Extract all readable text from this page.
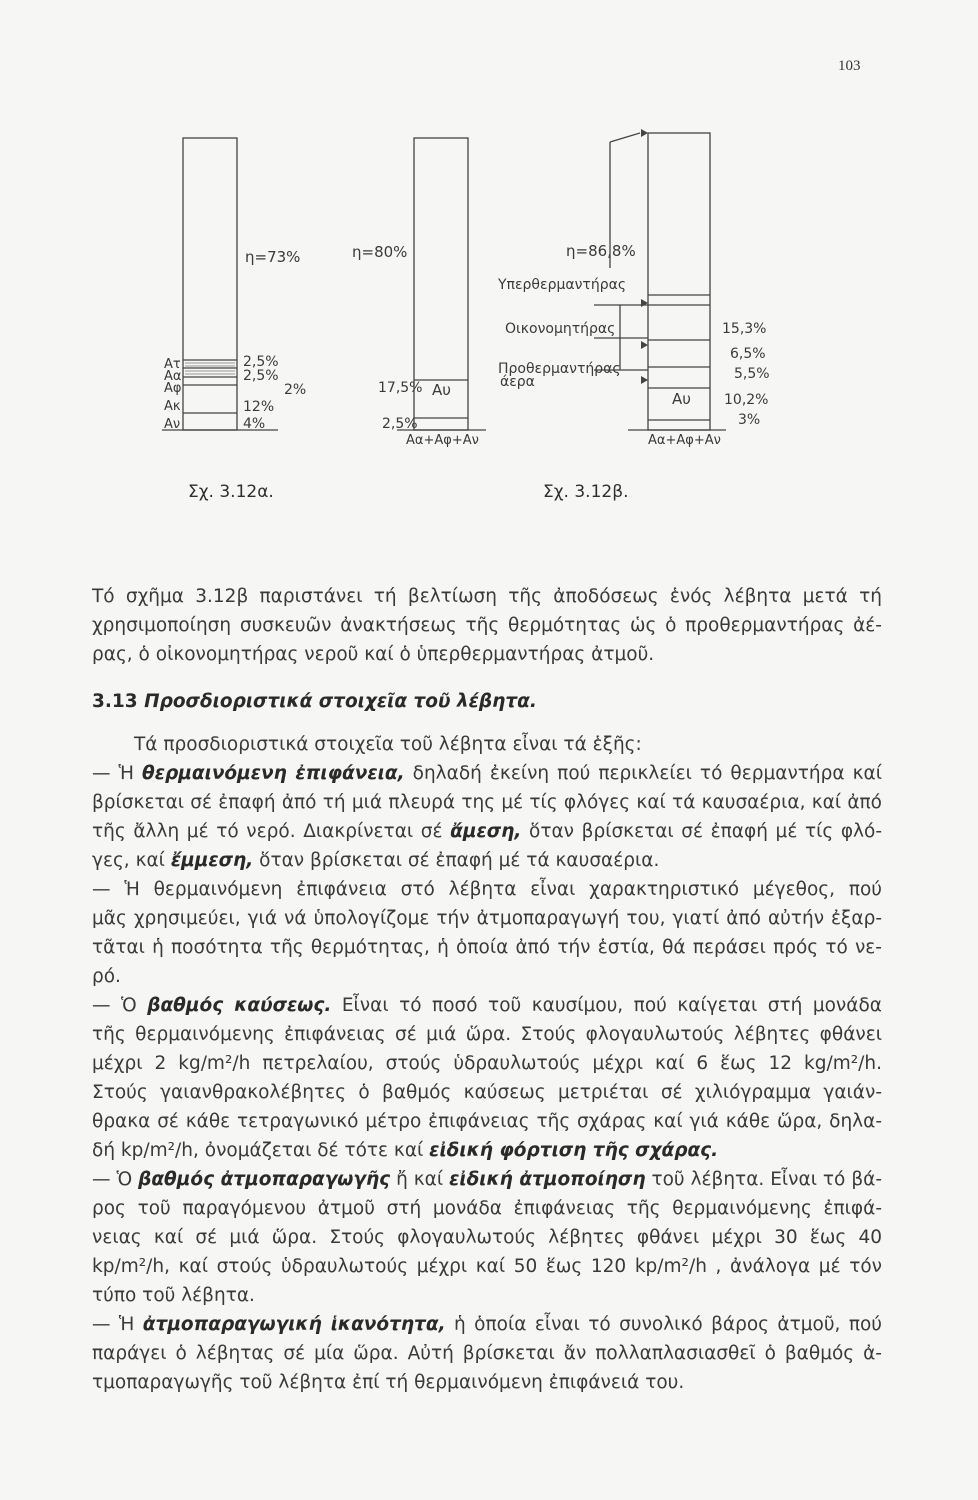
103
η=73%
Ατ
Αα
Αφ
Ακ
Αν
2,5%
2,5%
2%
12%
4%
η=80%
17,5% Αυ
2,5%
Αα+Αφ+Αν
η=86,8%
Υπερθερμαντήρας
Οικονομητήρας
Προθερμαντήρας
άερα
Αυ
Αα+Αφ+Αν
15,3%
6,5%
5,5%
10,2%
3%
Σχ. 3.12α.	Σχ. 3.12β.

Τό σχῆμα 3.12β παριστάνει τή βελτίωση τῆς ἀποδόσεως ἑνός λέβητα μετά τή
χρησιμοποίηση συσκευῶν ἀνακτήσεως τῆς θερμότητας ὡς ὁ προθερμαντήρας ἀέ-
ρας, ὁ οἰκονομητήρας νεροῦ καί ὁ ὑπερθερμαντήρας ἀτμοῦ.

3.13 Προσδιοριστικά στοιχεῖα τοῦ λέβητα.

Τά προσδιοριστικά στοιχεῖα τοῦ λέβητα εἶναι τά ἑξῆς:

— Ἡ θερμαινόμενη ἐπιφάνεια, δηλαδή ἐκείνη πού περικλείει τό θερμαντήρα καί
βρίσκεται σέ ἐπαφή ἀπό τή μιά πλευρά της μέ τίς φλόγες καί τά καυσαέρια, καί ἀπό
τῆς ἄλλη μέ τό νερό. Διακρίνεται σέ ἄμεση, ὅταν βρίσκεται σέ ἐπαφή μέ τίς φλό-
γες, καί ἔμμεση, ὅταν βρίσκεται σέ ἐπαφή μέ τά καυσαέρια.

— Ἡ θερμαινόμενη ἐπιφάνεια στό λέβητα εἶναι χαρακτηριστικό μέγεθος, πού
μᾶς χρησιμεύει, γιά νά ὑπολογίζομε τήν ἀτμοπαραγωγή του, γιατί ἀπό αὐτήν ἐξαρ-
τᾶται ἡ ποσότητα τῆς θερμότητας, ἡ ὁποία ἀπό τήν ἑστία, θά περάσει πρός τό νε-
ρό.

— Ὁ βαθμός καύσεως. Εἶναι τό ποσό τοῦ καυσίμου, πού καίγεται στή μονάδα
τῆς θερμαινόμενης ἐπιφάνειας σέ μιά ὥρα. Στούς φλογαυλωτούς λέβητες φθάνει
μέχρι 2 kg/m²/h πετρελαίου, στούς ὑδραυλωτούς μέχρι καί 6 ἕως 12 kg/m²/h.
Στούς γαιανθρακολέβητες ὁ βαθμός καύσεως μετριέται σέ χιλιόγραμμα γαιάν-
θρακα σέ κάθε τετραγωνικό μέτρο ἐπιφάνειας τῆς σχάρας καί γιά κάθε ὥρα, δηλα-
δή kp/m²/h, ὀνομάζεται δέ τότε καί εἰδική φόρτιση τῆς σχάρας.

— Ὁ βαθμός ἀτμοπαραγωγῆς ἤ καί εἰδική ἀτμοποίηση τοῦ λέβητα. Εἶναι τό βά-
ρος τοῦ παραγόμενου ἀτμοῦ στή μονάδα ἐπιφάνειας τῆς θερμαινόμενης ἐπιφά-
νειας καί σέ μιά ὥρα. Στούς φλογαυλωτούς λέβητες φθάνει μέχρι 30 ἕως 40
kp/m²/h, καί στούς ὑδραυλωτούς μέχρι καί 50 ἕως 120 kp/m²/h , ἀνάλογα μέ τόν
τύπο τοῦ λέβητα.

— Ἡ ἀτμοπαραγωγική ἱκανότητα, ἡ ὁποία εἶναι τό συνολικό βάρος ἀτμοῦ, πού
παράγει ὁ λέβητας σέ μία ὥρα. Αὐτή βρίσκεται ἄν πολλαπλασιασθεῖ ὁ βαθμός ἀ-
τμοπαραγωγῆς τοῦ λέβητα ἐπί τή θερμαινόμενη ἐπιφάνειά του.
